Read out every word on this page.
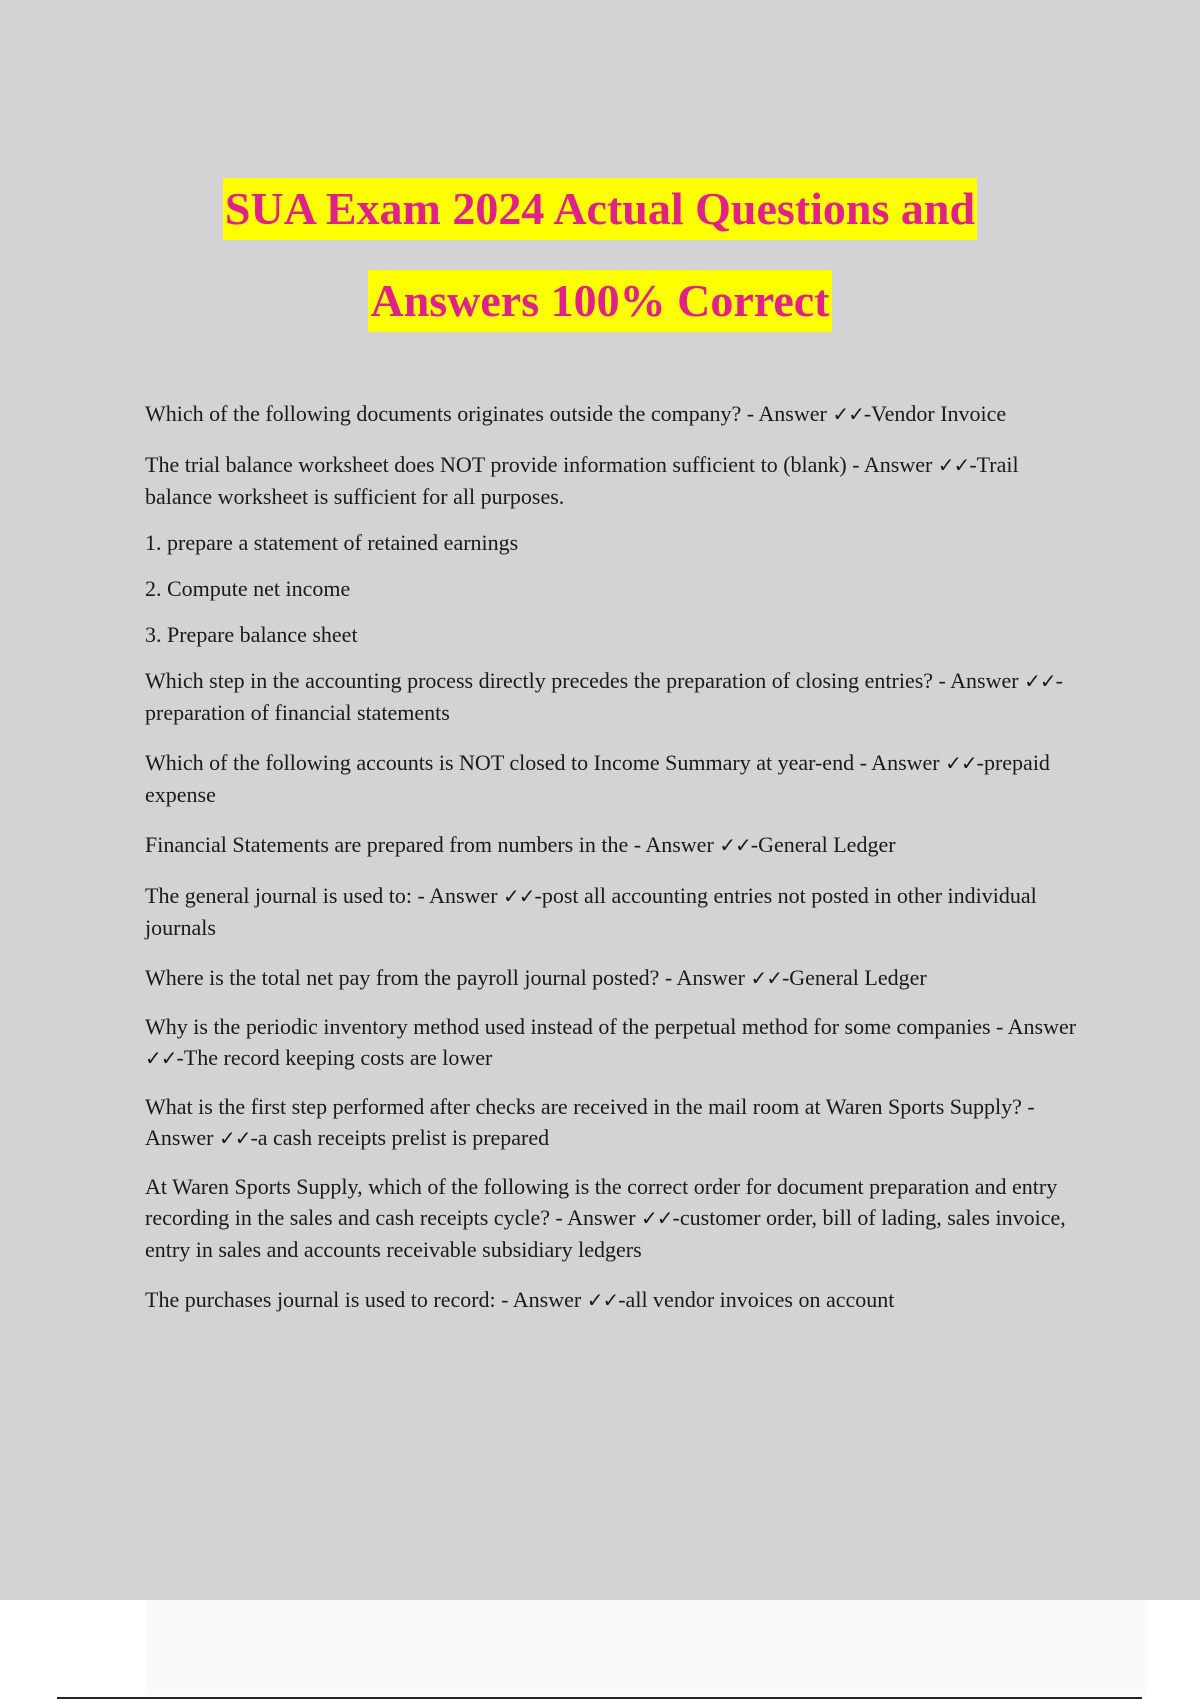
SUA Exam 2024 Actual Questions and
Answers 100% Correct

Which of the following documents originates outside the company? - Answer ✓✓-Vendor Invoice

The trial balance worksheet does NOT provide information sufficient to (blank) - Answer ✓✓-Trail balance worksheet is sufficient for all purposes.

1. prepare a statement of retained earnings

2. Compute net income

3. Prepare balance sheet

Which step in the accounting process directly precedes the preparation of closing entries? - Answer ✓✓-preparation of financial statements

Which of the following accounts is NOT closed to Income Summary at year-end - Answer ✓✓-prepaid expense

Financial Statements are prepared from numbers in the - Answer ✓✓-General Ledger

The general journal is used to: - Answer ✓✓-post all accounting entries not posted in other individual journals

Where is the total net pay from the payroll journal posted? - Answer ✓✓-General Ledger

Why is the periodic inventory method used instead of the perpetual method for some companies - Answer ✓✓-The record keeping costs are lower

What is the first step performed after checks are received in the mail room at Waren Sports Supply? - Answer ✓✓-a cash receipts prelist is prepared

At Waren Sports Supply, which of the following is the correct order for document preparation and entry recording in the sales and cash receipts cycle? - Answer ✓✓-customer order, bill of lading, sales invoice, entry in sales and accounts receivable subsidiary ledgers

The purchases journal is used to record: - Answer ✓✓-all vendor invoices on account
